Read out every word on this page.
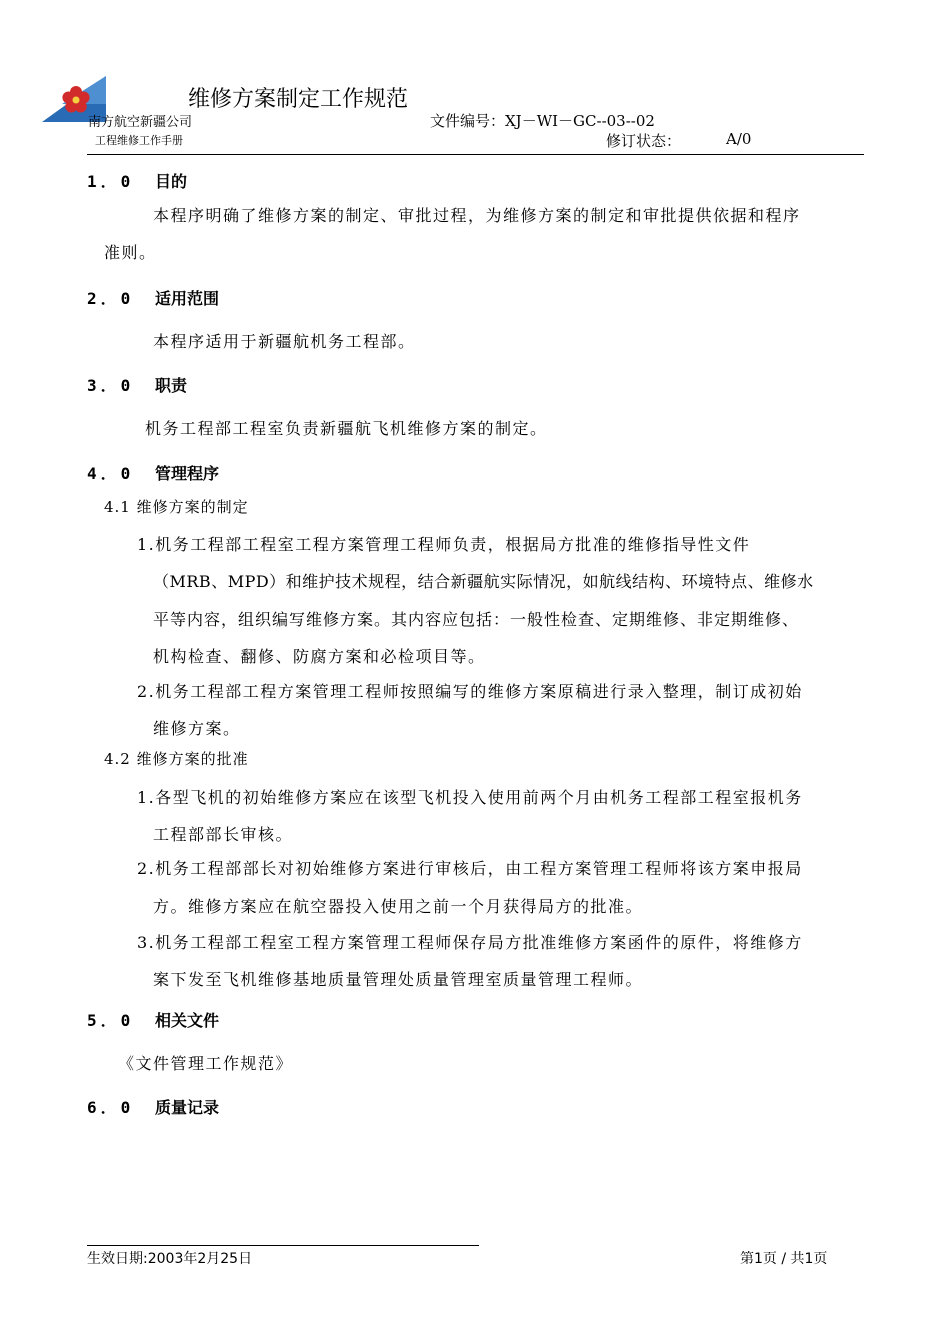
维修方案制定工作规范
南方航空新疆公司
工程维修工作手册
文件编号：XJ－WI－GC--03--02
修订状态：	A/0
1．0 目的
本程序明确了维修方案的制定、审批过程，为维修方案的制定和审批提供依据和程序
准则。
2．0 适用范围
本程序适用于新疆航机务工程部。
3．0 职责
机务工程部工程室负责新疆航飞机维修方案的制定。
4．0 管理程序
4.1 维修方案的制定
1.机务工程部工程室工程方案管理工程师负责，根据局方批准的维修指导性文件
（MRB、MPD）和维护技术规程，结合新疆航实际情况，如航线结构、环境特点、维修水
平等内容，组织编写维修方案。其内容应包括：一般性检查、定期维修、非定期维修、
机构检查、翻修、防腐方案和必检项目等。
2.机务工程部工程方案管理工程师按照编写的维修方案原稿进行录入整理，制订成初始
维修方案。
4.2 维修方案的批准
1.各型飞机的初始维修方案应在该型飞机投入使用前两个月由机务工程部工程室报机务
工程部部长审核。
2.机务工程部部长对初始维修方案进行审核后，由工程方案管理工程师将该方案申报局
方。维修方案应在航空器投入使用之前一个月获得局方的批准。
3.机务工程部工程室工程方案管理工程师保存局方批准维修方案函件的原件，将维修方
案下发至飞机维修基地质量管理处质量管理室质量管理工程师。
5．0 相关文件
《文件管理工作规范》
6．0 质量记录
生效日期:2003年2月25日	第1页 / 共1页
